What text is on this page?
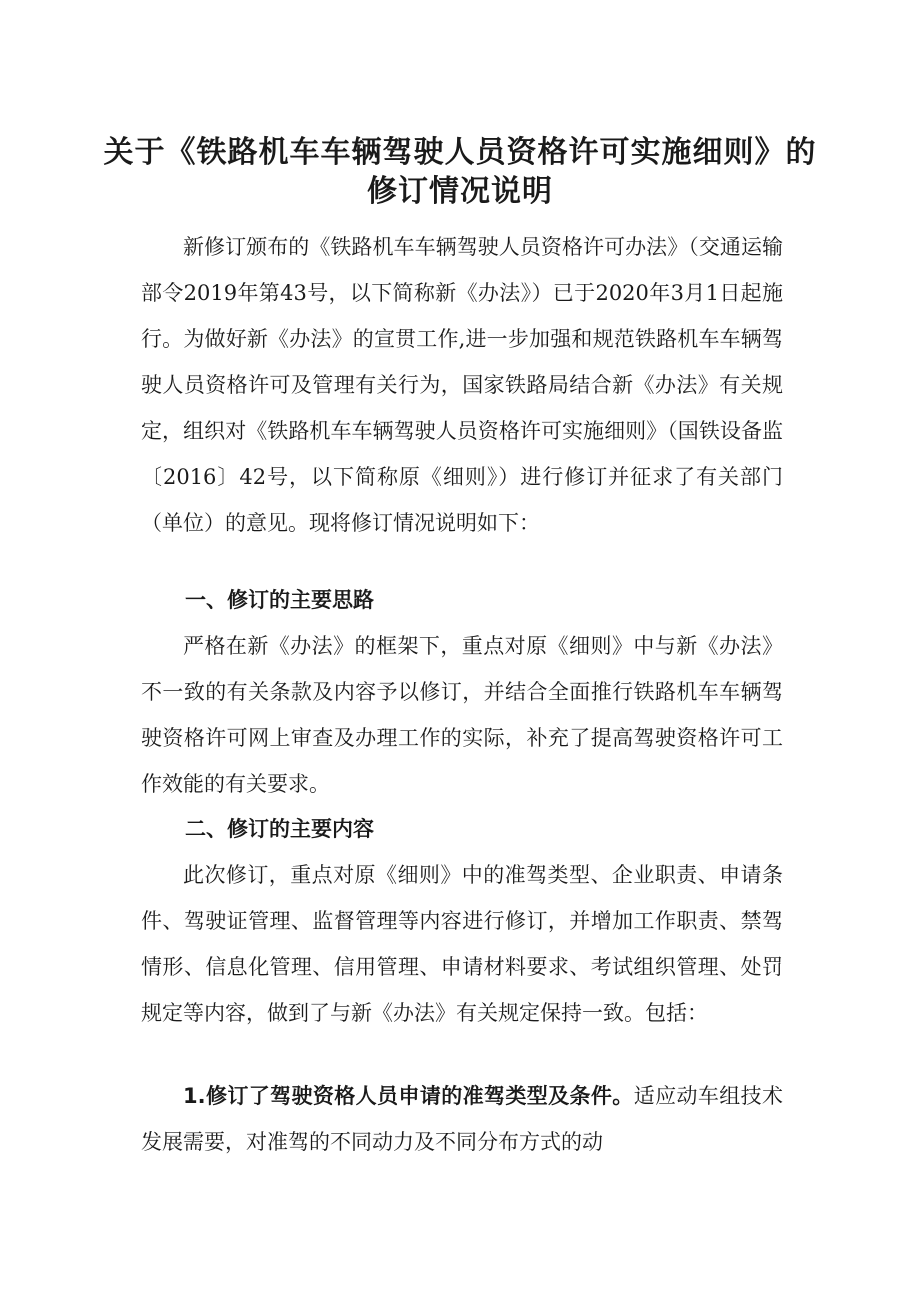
关于《铁路机车车辆驾驶人员资格许可实施细则》的
修订情况说明

新修订颁布的《铁路机车车辆驾驶人员资格许可办法》（交通运输部令2019年第43号，以下简称新《办法》）已于2020年3月1日起施行。为做好新《办法》的宣贯工作,进一步加强和规范铁路机车车辆驾驶人员资格许可及管理有关行为，国家铁路局结合新《办法》有关规定，组织对《铁路机车车辆驾驶人员资格许可实施细则》（国铁设备监〔2016〕42号，以下简称原《细则》）进行修订并征求了有关部门（单位）的意见。现将修订情况说明如下：

一、修订的主要思路

严格在新《办法》的框架下，重点对原《细则》中与新《办法》不一致的有关条款及内容予以修订，并结合全面推行铁路机车车辆驾驶资格许可网上审查及办理工作的实际，补充了提高驾驶资格许可工作效能的有关要求。

二、修订的主要内容

此次修订，重点对原《细则》中的准驾类型、企业职责、申请条件、驾驶证管理、监督管理等内容进行修订，并增加工作职责、禁驾情形、信息化管理、信用管理、申请材料要求、考试组织管理、处罚规定等内容，做到了与新《办法》有关规定保持一致。包括：

1.修订了驾驶资格人员申请的准驾类型及条件。适应动车组技术发展需要，对准驾的不同动力及不同分布方式的动
